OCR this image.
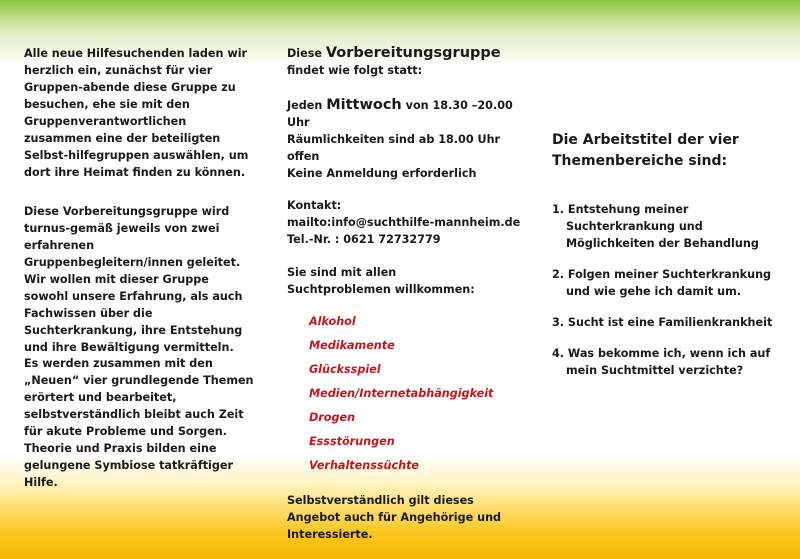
Alle neue Hilfesuchenden laden wir herzlich ein, zunächst für vier Gruppen-abende diese Gruppe zu besuchen, ehe sie mit den Gruppenverantwortlichen zusammen eine der beteiligten Selbst-hilfegruppen auswählen, um dort ihre Heimat finden zu können.

Diese Vorbereitungsgruppe wird turnus-gemäß jeweils von zwei erfahrenen Gruppenbegleitern/innen geleitet. Wir wollen mit dieser Gruppe sowohl unsere Erfahrung, als auch Fachwissen über die Suchterkrankung, ihre Entstehung und ihre Bewältigung vermitteln.

Es werden zusammen mit den „Neuen“ vier grundlegende Themen erörtert und bearbeitet, selbstverständlich bleibt auch Zeit für akute Probleme und Sorgen. Theorie und Praxis bilden eine gelungene Symbiose tatkräftiger Hilfe.

Diese Vorbereitungsgruppe
findet wie folgt statt:

Jeden Mittwoch von 18.30 –20.00 Uhr
Räumlichkeiten sind ab 18.00 Uhr offen
Keine Anmeldung erforderlich

Kontakt:
mailto:info@suchthilfe-mannheim.de
Tel.-Nr. : 0621 72732779

Sie sind mit allen Suchtproblemen willkommen:

Alkohol
Medikamente
Glücksspiel
Medien/Internetabhängigkeit
Drogen
Essstörungen
Verhaltenssüchte

Selbstverständlich gilt dieses Angebot auch für Angehörige und Interessierte.

Die Arbeitstitel der vier Themenbereiche sind:

1. Entstehung meiner Suchterkrankung und Möglichkeiten der Behandlung
2. Folgen meiner Suchterkrankung und wie gehe ich damit um.
3. Sucht ist eine Familienkrankheit
4. Was bekomme ich, wenn ich auf mein Suchtmittel verzichte?
